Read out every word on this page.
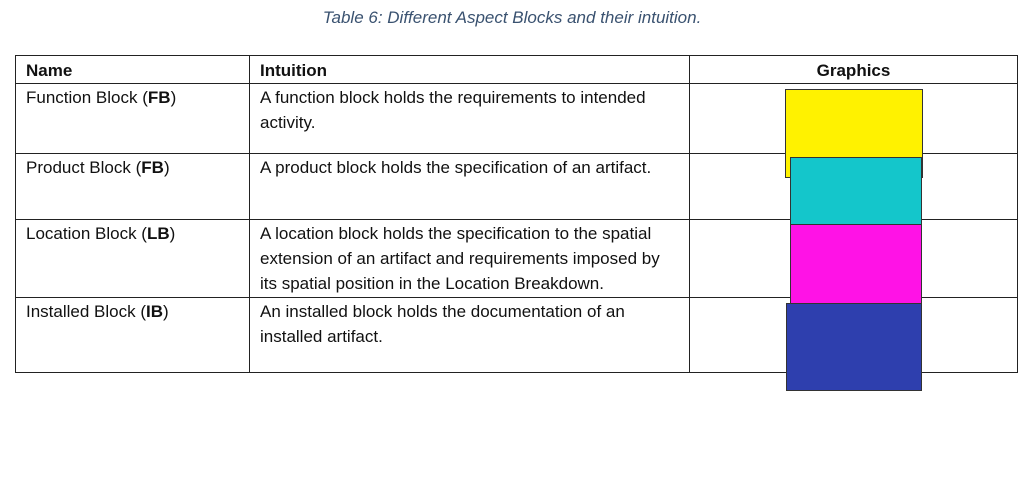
Table 6: Different Aspect Blocks and their intuition.
Name	Intuition	Graphics
Function Block (FB)	A function block holds the requirements to intended activity.	

Product Block (FB)	A product block holds the specification of an artifact.	

Location Block (LB)	A location block holds the specification to the spatial extension of an artifact and requirements imposed by its spatial position in the Location Breakdown.	

Installed Block (IB)	An installed block holds the documentation of an installed artifact.	
